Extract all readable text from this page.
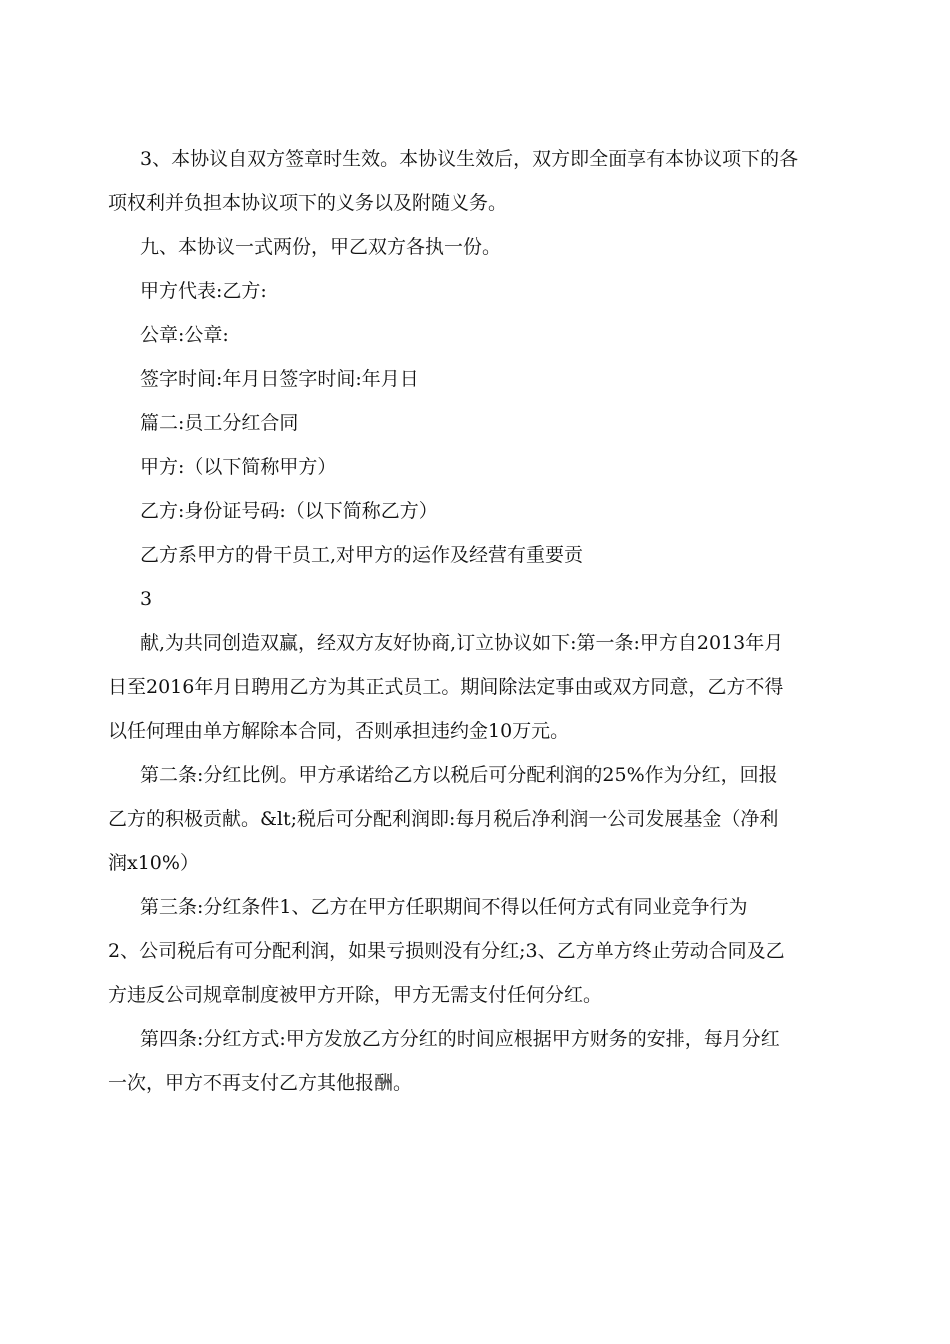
3、本协议自双方签章时生效。本协议生效后，双方即全面享有本协议项下的各

项权利并负担本协议项下的义务以及附随义务。

九、本协议一式两份，甲乙双方各执一份。

甲方代表:乙方:

公章:公章:

签字时间:年月日签字时间:年月日

篇二:员工分红合同

甲方:（以下简称甲方）

乙方:身份证号码:（以下简称乙方）

乙方系甲方的骨干员工,对甲方的运作及经营有重要贡

3

献,为共同创造双赢，经双方友好协商,订立协议如下:第一条:甲方自2013年月

日至2016年月日聘用乙方为其正式员工。期间除法定事由或双方同意，乙方不得

以任何理由单方解除本合同，否则承担违约金10万元。

第二条:分红比例。甲方承诺给乙方以税后可分配利润的25%作为分红，回报

乙方的积极贡献。&lt;税后可分配利润即:每月税后净利润一公司发展基金（净利

润x10%）

第三条:分红条件1、乙方在甲方任职期间不得以任何方式有同业竞争行为

2、公司税后有可分配利润，如果亏损则没有分红;3、乙方单方终止劳动合同及乙

方违反公司规章制度被甲方开除，甲方无需支付任何分红。

第四条:分红方式:甲方发放乙方分红的时间应根据甲方财务的安排，每月分红

一次，甲方不再支付乙方其他报酬。
